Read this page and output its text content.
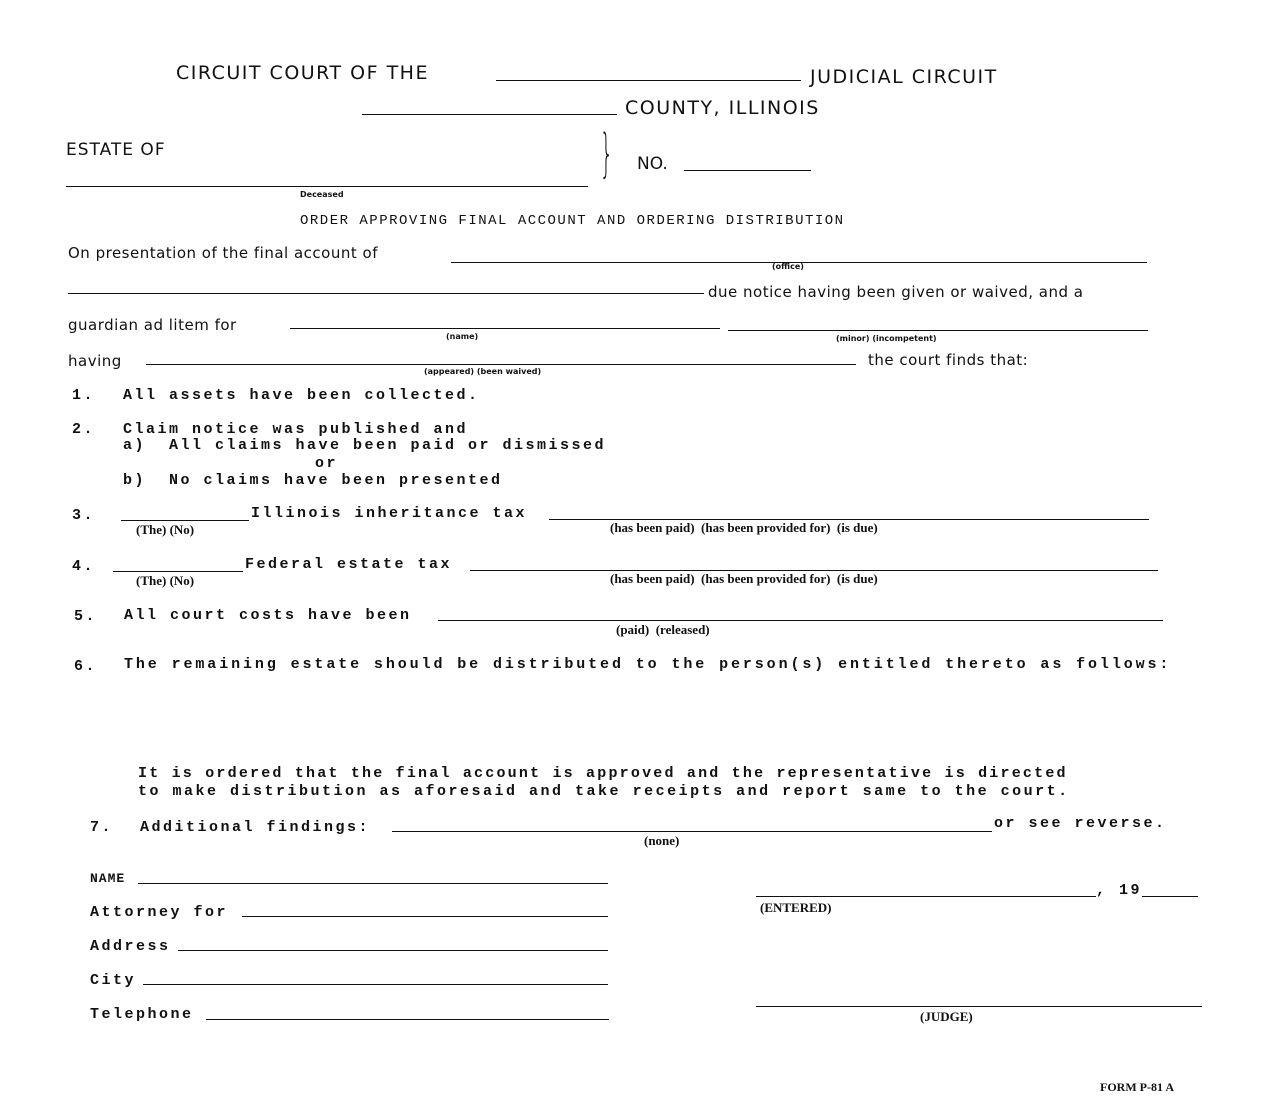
CIRCUIT COURT OF THE	JUDICIAL CIRCUIT
COUNTY, ILLINOIS
ESTATE OF	}
Deceased
NO.
ORDER APPROVING FINAL ACCOUNT AND ORDERING DISTRIBUTION
On presentation of the final account of
(office)
due notice having been given or waived, and a
guardian ad litem for
(name)	(minor) (incompetent)
having
(appeared) (been waived)
the court finds that:
1. All assets have been collected.
2. Claim notice was published and
a)  All claims have been paid or dismissed
or
b)  No claims have been presented
3.	Illinois inheritance tax
(The) (No)	(has been paid)  (has been provided for)  (is due)
4.	Federal estate tax
(The) (No)	(has been paid)  (has been provided for)  (is due)
5. All court costs have been
(paid)  (released)
6. The remaining estate should be distributed to the person(s) entitled thereto as follows:
It is ordered that the final account is approved and the representative is directed
to make distribution as aforesaid and take receipts and report same to the court.
7. Additional findings:	or see reverse.
(none)
NAME
Attorney for
Address
City
Telephone
, 19
(ENTERED)
(JUDGE)
FORM P-81 A
